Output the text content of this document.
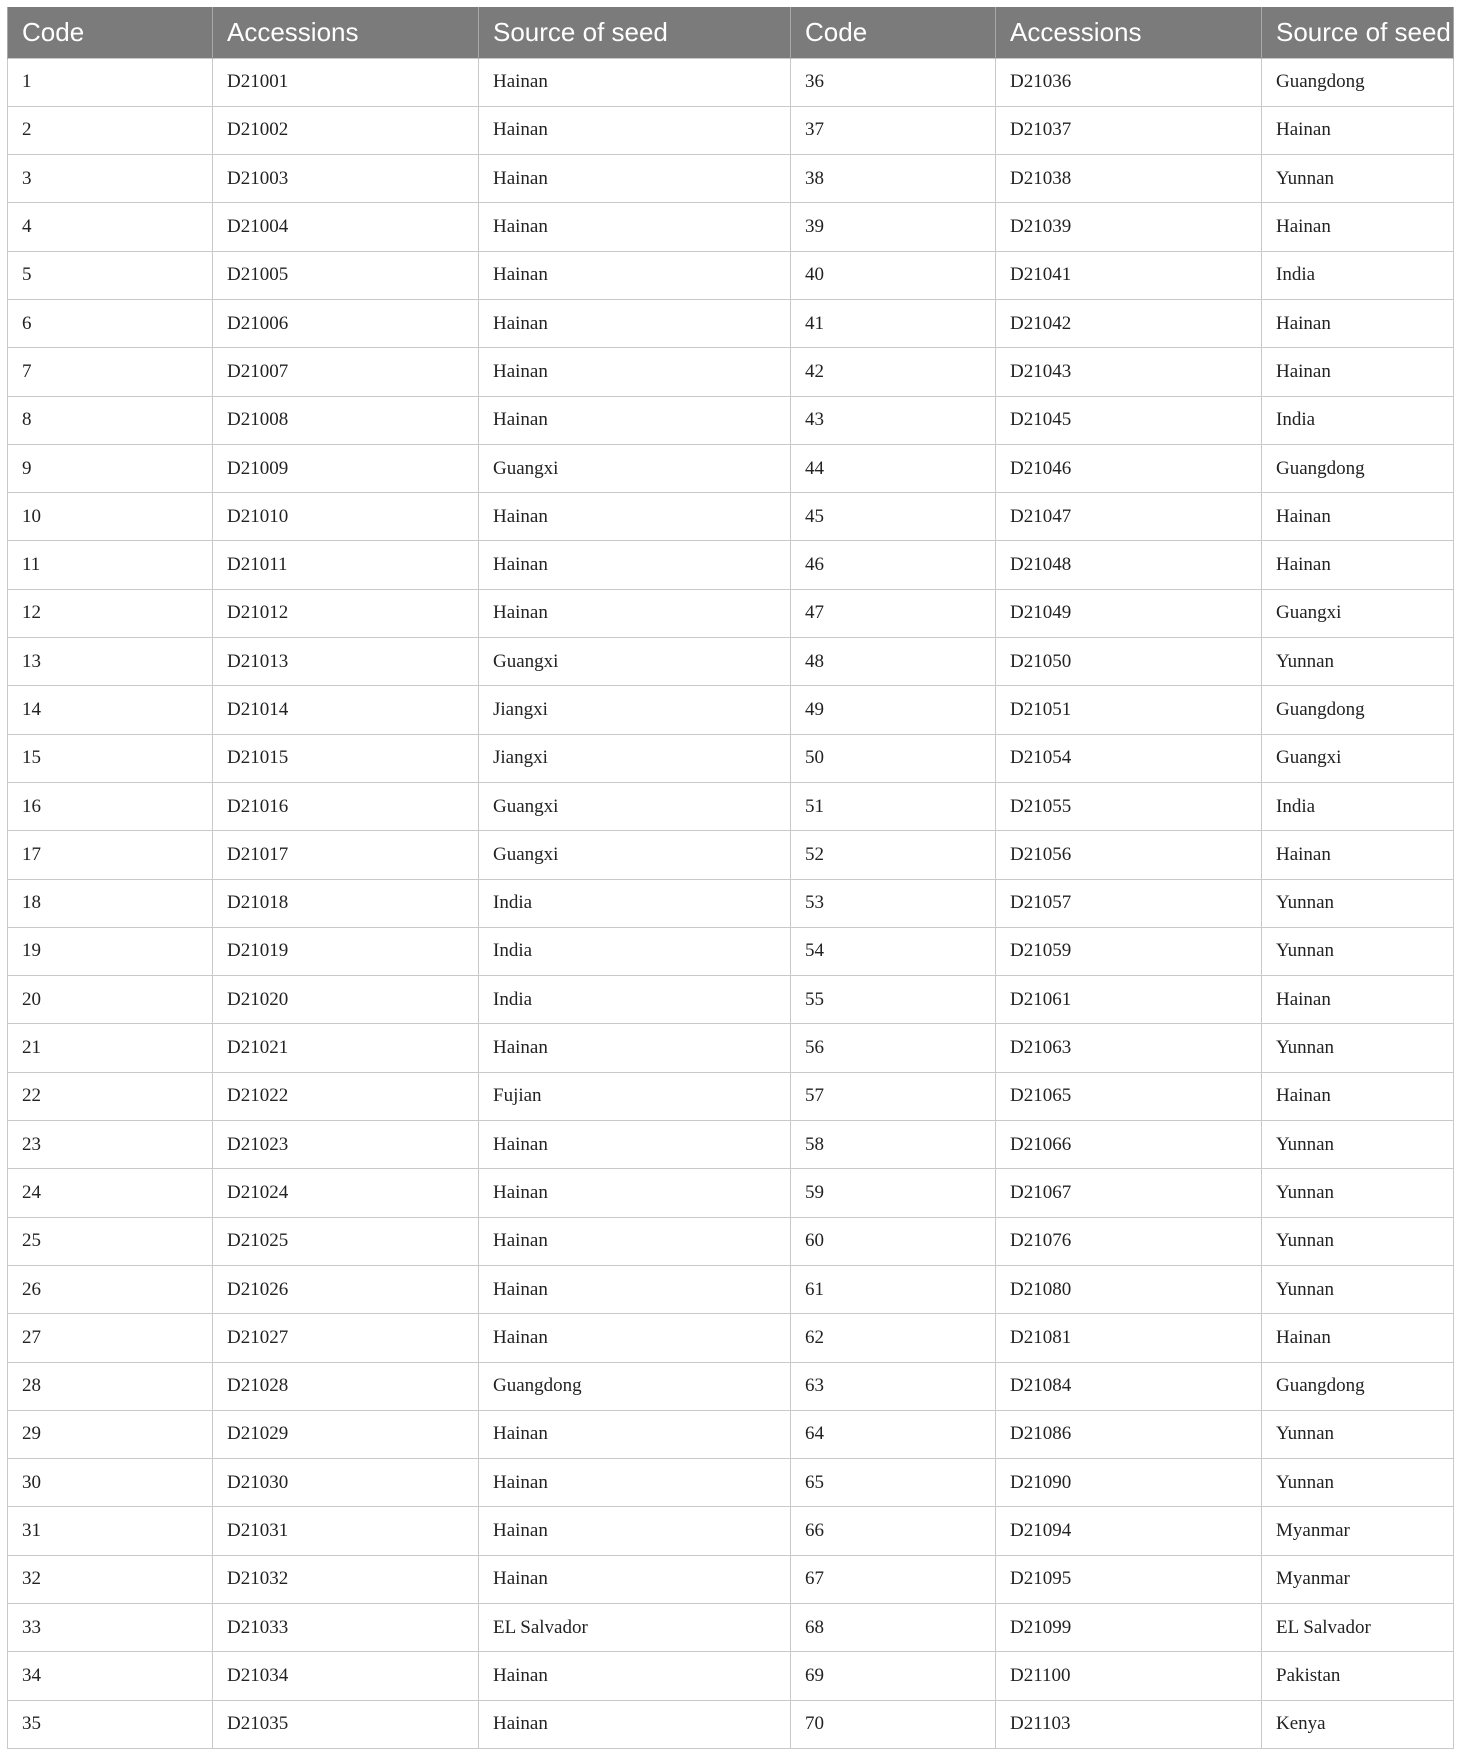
Code	Accessions	Source of seed	Code	Accessions	Source of seed
1	D21001	Hainan	36	D21036	Guangdong
2	D21002	Hainan	37	D21037	Hainan
3	D21003	Hainan	38	D21038	Yunnan
4	D21004	Hainan	39	D21039	Hainan
5	D21005	Hainan	40	D21041	India
6	D21006	Hainan	41	D21042	Hainan
7	D21007	Hainan	42	D21043	Hainan
8	D21008	Hainan	43	D21045	India
9	D21009	Guangxi	44	D21046	Guangdong
10	D21010	Hainan	45	D21047	Hainan
11	D21011	Hainan	46	D21048	Hainan
12	D21012	Hainan	47	D21049	Guangxi
13	D21013	Guangxi	48	D21050	Yunnan
14	D21014	Jiangxi	49	D21051	Guangdong
15	D21015	Jiangxi	50	D21054	Guangxi
16	D21016	Guangxi	51	D21055	India
17	D21017	Guangxi	52	D21056	Hainan
18	D21018	India	53	D21057	Yunnan
19	D21019	India	54	D21059	Yunnan
20	D21020	India	55	D21061	Hainan
21	D21021	Hainan	56	D21063	Yunnan
22	D21022	Fujian	57	D21065	Hainan
23	D21023	Hainan	58	D21066	Yunnan
24	D21024	Hainan	59	D21067	Yunnan
25	D21025	Hainan	60	D21076	Yunnan
26	D21026	Hainan	61	D21080	Yunnan
27	D21027	Hainan	62	D21081	Hainan
28	D21028	Guangdong	63	D21084	Guangdong
29	D21029	Hainan	64	D21086	Yunnan
30	D21030	Hainan	65	D21090	Yunnan
31	D21031	Hainan	66	D21094	Myanmar
32	D21032	Hainan	67	D21095	Myanmar
33	D21033	EL Salvador	68	D21099	EL Salvador
34	D21034	Hainan	69	D21100	Pakistan
35	D21035	Hainan	70	D21103	Kenya
